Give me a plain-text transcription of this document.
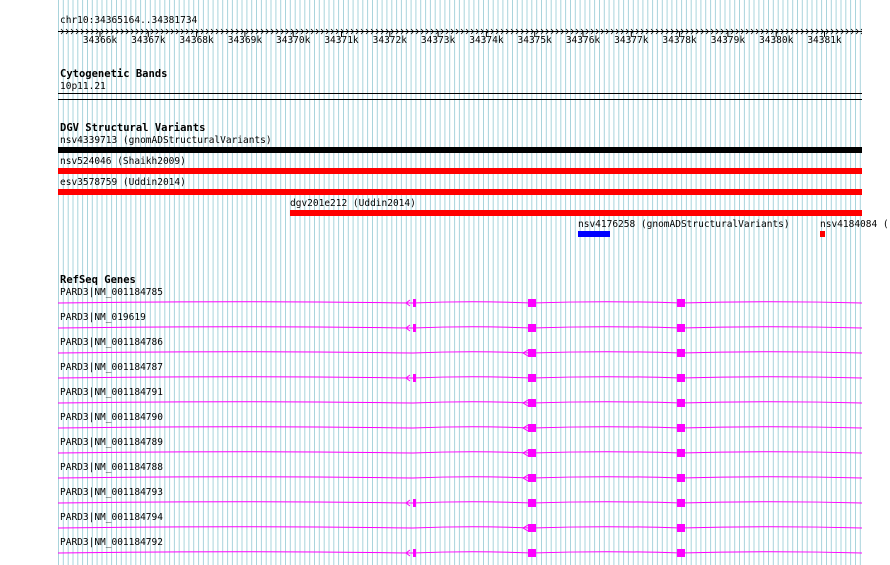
chr10:34365164..34381734
34366k 34367k 34368k 34369k 34370k 34371k 34372k 34373k 34374k 34375k 34376k 34377k 34378k 34379k 34380k 34381k
Cytogenetic Bands
10p11.21
DGV Structural Variants
nsv4339713 (gnomADStructuralVariants)
nsv524046 (Shaikh2009)
esv3578759 (Uddin2014)
dgv201e212 (Uddin2014)
nsv4176258 (gnomADStructuralVariants)	nsv4184084 (
RefSeq Genes
PARD3|NM_001184785
PARD3|NM_019619
PARD3|NM_001184786
PARD3|NM_001184787
PARD3|NM_001184791
PARD3|NM_001184790
PARD3|NM_001184789
PARD3|NM_001184788
PARD3|NM_001184793
PARD3|NM_001184794
PARD3|NM_001184792
